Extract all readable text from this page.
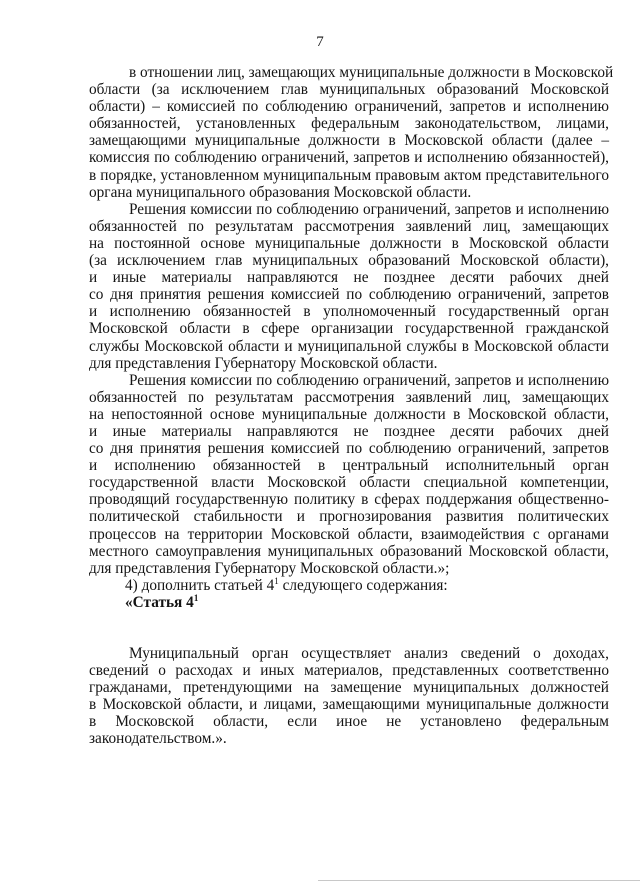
7
в отношении лиц, замещающих муниципальные должности в Московской
области (за исключением глав муниципальных образований Московской
области) – комиссией по соблюдению ограничений, запретов и исполнению
обязанностей, установленных федеральным законодательством, лицами,
замещающими муниципальные должности в Московской области (далее –
комиссия по соблюдению ограничений, запретов и исполнению обязанностей),
в порядке, установленном муниципальным правовым актом представительного
органа муниципального образования Московской области.
Решения комиссии по соблюдению ограничений, запретов и исполнению
обязанностей по результатам рассмотрения заявлений лиц, замещающих
на постоянной основе муниципальные должности в Московской области
(за исключением глав муниципальных образований Московской области),
и иные материалы направляются не позднее десяти рабочих дней
со дня принятия решения комиссией по соблюдению ограничений, запретов
и исполнению обязанностей в уполномоченный государственный орган
Московской области в сфере организации государственной гражданской
службы Московской области и муниципальной службы в Московской области
для представления Губернатору Московской области.
Решения комиссии по соблюдению ограничений, запретов и исполнению
обязанностей по результатам рассмотрения заявлений лиц, замещающих
на непостоянной основе муниципальные должности в Московской области,
и иные материалы направляются не позднее десяти рабочих дней
со дня принятия решения комиссией по соблюдению ограничений, запретов
и исполнению обязанностей в центральный исполнительный орган
государственной власти Московской области специальной компетенции,
проводящий государственную политику в сферах поддержания общественно-
политической стабильности и прогнозирования развития политических
процессов на территории Московской области, взаимодействия с органами
местного самоуправления муниципальных образований Московской области,
для представления Губернатору Московской области.»;
4) дополнить статьей $4^1$ следующего содержания:
«Статья $4^1$
Муниципальный орган осуществляет анализ сведений о доходах,
сведений о расходах и иных материалов, представленных соответственно
гражданами, претендующими на замещение муниципальных должностей
в Московской области, и лицами, замещающими муниципальные должности
в Московской области, если иное не установлено федеральным
законодательством.».
